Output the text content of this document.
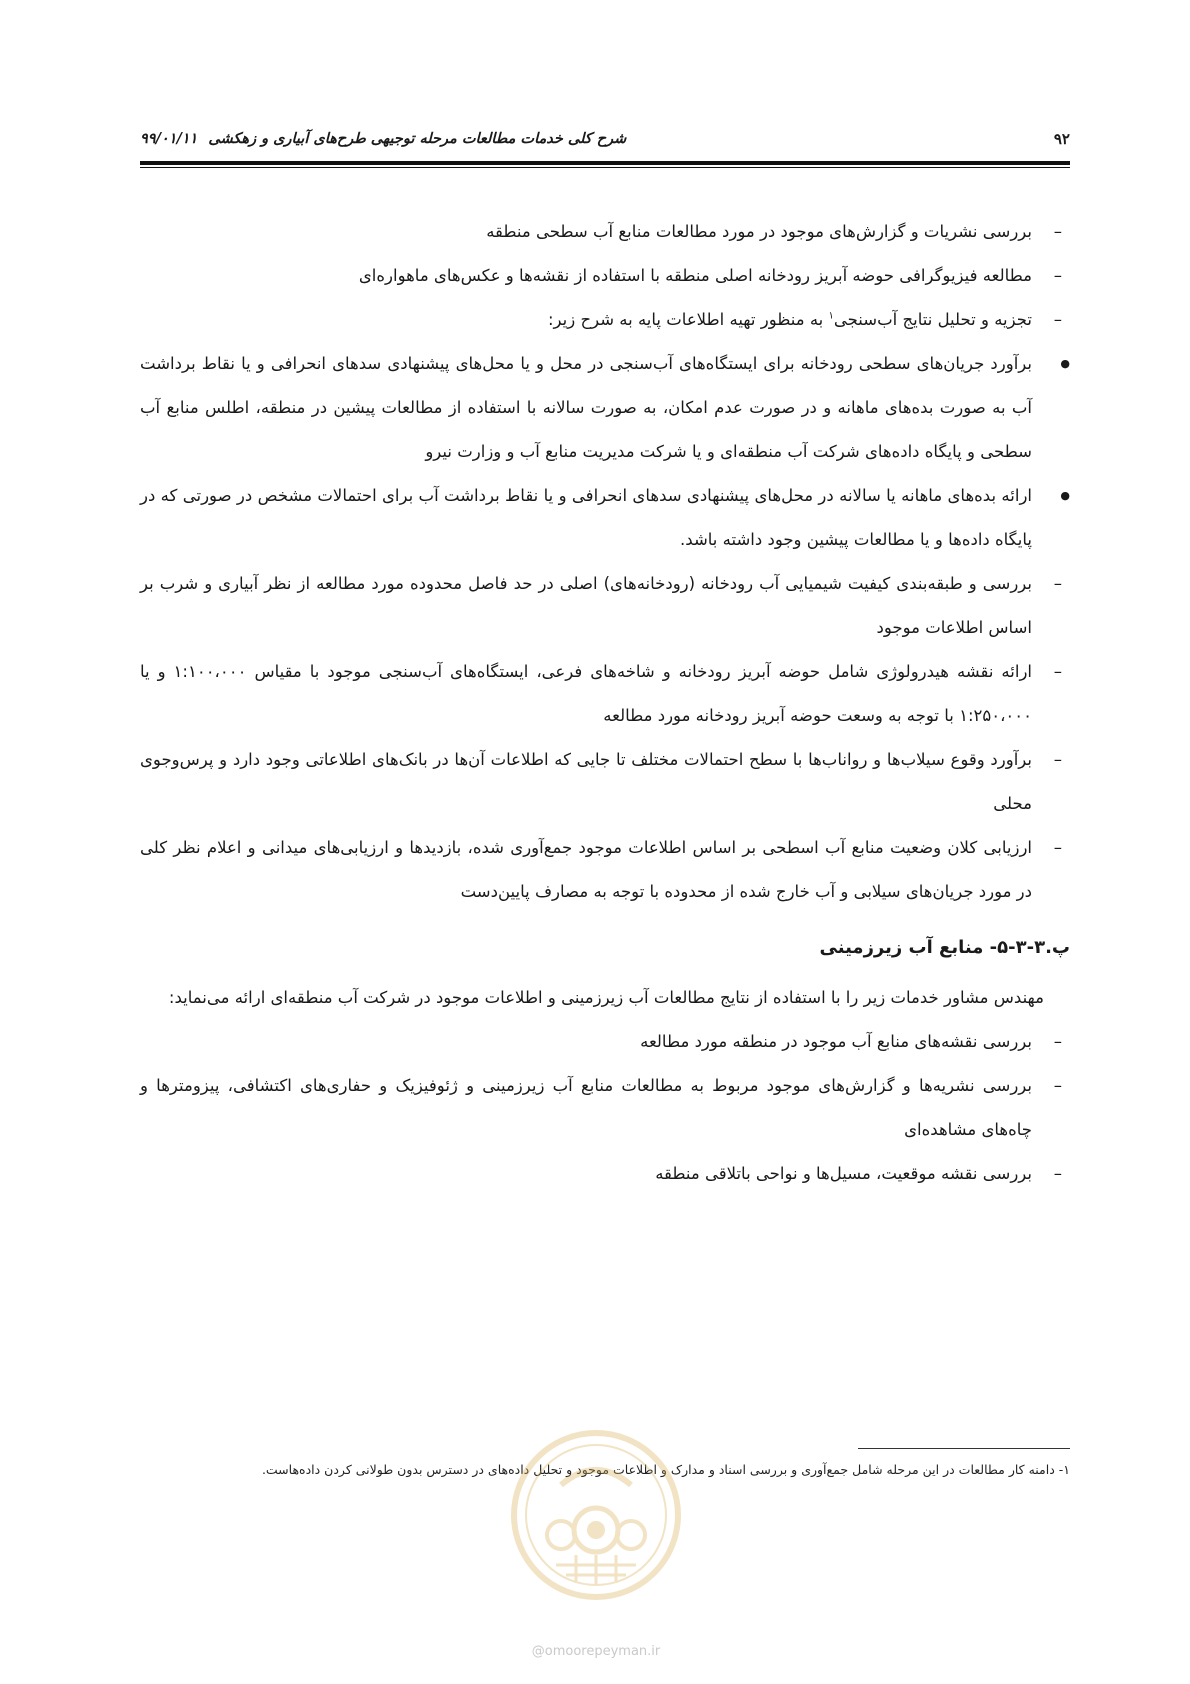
۹۲
شرح کلی خدمات مطالعات مرحله توجیهی طرح‌های آبیاری و زهکشی ۹۹/۰۱/۱۱
– بررسی نشریات و گزارش‌های موجود در مورد مطالعات منابع آب سطحی منطقه
– مطالعه فیزیوگرافی حوضه آبریز رودخانه اصلی منطقه با استفاده از نقشه‌ها و عکس‌های ماهواره‌ای
– تجزیه و تحلیل نتایج آب‌سنجی$^۱$ به منظور تهیه اطلاعات پایه به شرح زیر:
● برآورد جریان‌های سطحی رودخانه برای ایستگاه‌های آب‌سنجی در محل و یا محل‌های پیشنهادی سدهای انحرافی و یا نقاط برداشت آب به صورت بده‌های ماهانه و در صورت عدم امکان، به صورت سالانه با استفاده از مطالعات پیشین در منطقه، اطلس منابع آب سطحی و پایگاه داده‌های شرکت آب منطقه‌ای و یا شرکت مدیریت منابع آب و وزارت نیرو
● ارائه بده‌های ماهانه یا سالانه در محل‌های پیشنهادی سدهای انحرافی و یا نقاط برداشت آب برای احتمالات مشخص در صورتی که در پایگاه داده‌ها و یا مطالعات پیشین وجود داشته باشد.
– بررسی و طبقه‌بندی کیفیت شیمیایی آب رودخانه (رودخانه‌های) اصلی در حد فاصل محدوده مورد مطالعه از نظر آبیاری و شرب بر اساس اطلاعات موجود
– ارائه نقشه هیدرولوژی شامل حوضه آبریز رودخانه و شاخه‌های فرعی، ایستگاه‌های آب‌سنجی موجود با مقیاس ۱:۱۰۰،۰۰۰ و یا ۱:۲۵۰،۰۰۰ با توجه به وسعت حوضه آبریز رودخانه مورد مطالعه
– برآورد وقوع سیلاب‌ها و رواناب‌ها با سطح احتمالات مختلف تا جایی که اطلاعات آن‌ها در بانک‌های اطلاعاتی وجود دارد و پرس‌وجوی محلی
– ارزیابی کلان وضعیت منابع آب اسطحی بر اساس اطلاعات موجود جمع‌آوری شده، بازدیدها و ارزیابی‌های میدانی و اعلام نظر کلی در مورد جریان‌های سیلابی و آب خارج شده از محدوده با توجه به مصارف پایین‌دست
پ.۳-۳-۵- منابع آب زیرزمینی
مهندس مشاور خدمات زیر را با استفاده از نتایج مطالعات آب زیرزمینی و اطلاعات موجود در شرکت آب منطقه‌ای ارائه می‌نماید:
– بررسی نقشه‌های منابع آب موجود در منطقه مورد مطالعه
– بررسی نشریه‌ها و گزارش‌های موجود مربوط به مطالعات منابع آب زیرزمینی و ژئوفیزیک و حفاری‌های اکتشافی، پیزومترها و چاه‌های مشاهده‌ای
– بررسی نقشه موقعیت، مسیل‌ها و نواحی باتلاقی منطقه
۱- دامنه کار مطالعات در این مرحله شامل جمع‌آوری و بررسی اسناد و مدارک و اطلاعات موجود و تحلیل داده‌های در دسترس بدون طولانی کردن داده‌هاست.
@omoorepeyman.ir
